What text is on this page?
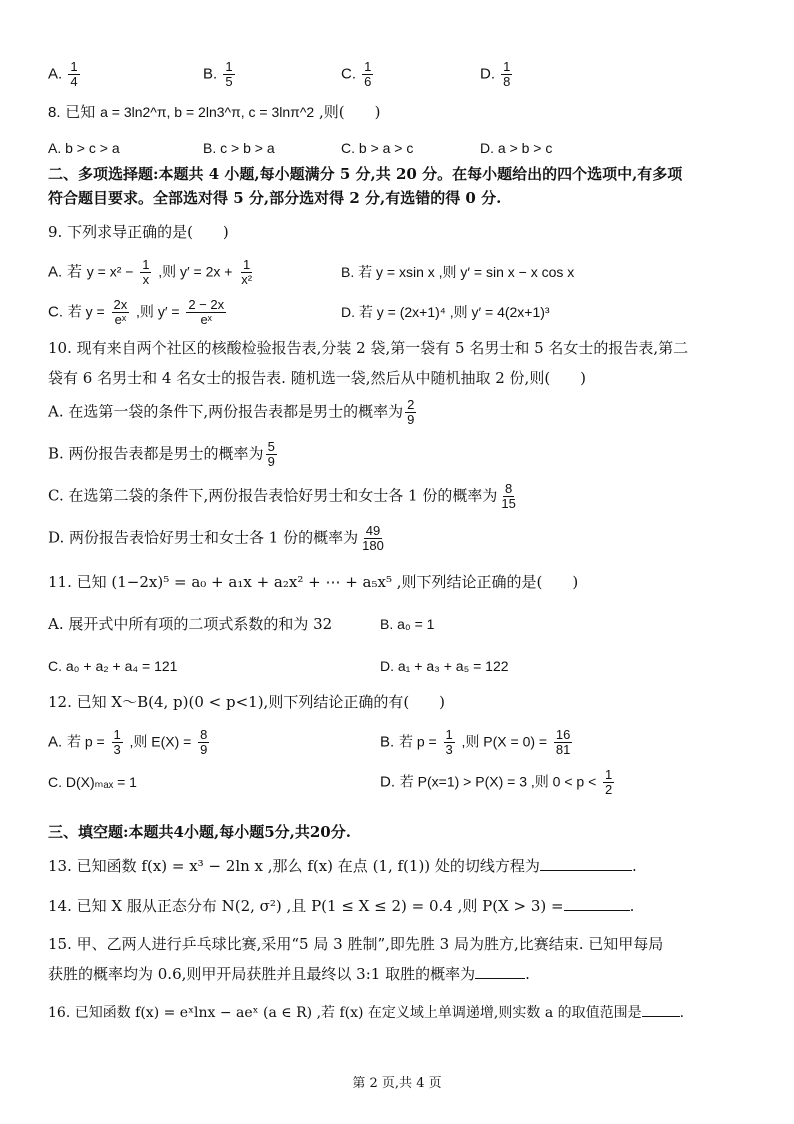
A. $\frac{1}{4}$	B. $\frac{1}{5}$	C. $\frac{1}{6}$	D. $\frac{1}{8}$
8. 已知 a = 3ln2^π, b = 2ln3^π, c = 3lnπ^2 ,则(　　)
A. b > c > a	B. c > b > a	C. b > a > c	D. a > b > c
二、多项选择题:本题共 4 小题,每小题满分 5 分,共 20 分。在每小题给出的四个选项中,有多项
符合题目要求。全部选对得 5 分,部分选对得 2 分,有选错的得 0 分.
9. 下列求导正确的是(　　)
A. 若 $y = x^2 - \frac{1}{x}$ ,则 $y' = 2x + \frac{1}{\text{x²}}$	B. 若 y = xsin x ,则 y′ = sin x − x cos x
C. 若 $y = \frac{2x}{\text{eˣ}}$ ,则 $y' = \frac{2 - 2x}{\text{eˣ}}$	D. 若 y = (2x+1)⁴ ,则 y′ = 4(2x+1)³
10. 现有来自两个社区的核酸检验报告表,分装 2 袋,第一袋有 5 名男士和 5 名女士的报告表,第二
袋有 6 名男士和 4 名女士的报告表. 随机选一袋,然后从中随机抽取 2 份,则(　　)
A. 在选第一袋的条件下,两份报告表都是男士的概率为 $\frac{2}{9}$
B. 两份报告表都是男士的概率为 $\frac{5}{9}$
C. 在选第二袋的条件下,两份报告表恰好男士和女士各 1 份的概率为 $\frac{8}{15}$
D. 两份报告表恰好男士和女士各 1 份的概率为 $\frac{49}{180}$
11. 已知 (1−2x)⁵ = a₀ + a₁x + a₂x² + ⋯ + a₅x⁵ ,则下列结论正确的是(　　)
A. 展开式中所有项的二项式系数的和为 32	B. a₀ = 1
C. a₀ + a₂ + a₄ = 121	D. a₁ + a₃ + a₅ = 122
12. 已知 X～B(4, p)(0 < p<1),则下列结论正确的有(　　)
A. 若 $p = \frac{1}{3}$ ,则 $E(X) = \frac{8}{9}$	B. 若 $p = \frac{1}{3}$ ,则 $P(X = 0) = \frac{16}{81}$
C. D(X)ₘₐₓ = 1	D. 若 P(x=1) > P(X) = 3 ,则 $0 < p < \frac{1}{2}$
三、填空题:本题共4小题,每小题5分,共20分.
13. 已知函数 f(x) = x³ − 2ln x ,那么 f(x) 在点 (1, f(1)) 处的切线方程为	.
14. 已知 X 服从正态分布 N(2, σ²) ,且 P(1 ≤ X ≤ 2) = 0.4 ,则 P(X > 3) =	.
15. 甲、乙两人进行乒乓球比赛,采用“5 局 3 胜制”,即先胜 3 局为胜方,比赛结束. 已知甲每局
获胜的概率均为 0.6,则甲开局获胜并且最终以 3:1 取胜的概率为	.
16. 已知函数 f(x) = eˣlnx − aeˣ (a ∈ R) ,若 f(x) 在定义域上单调递增,则实数 a 的取值范围是	.
第 2 页,共 4 页
